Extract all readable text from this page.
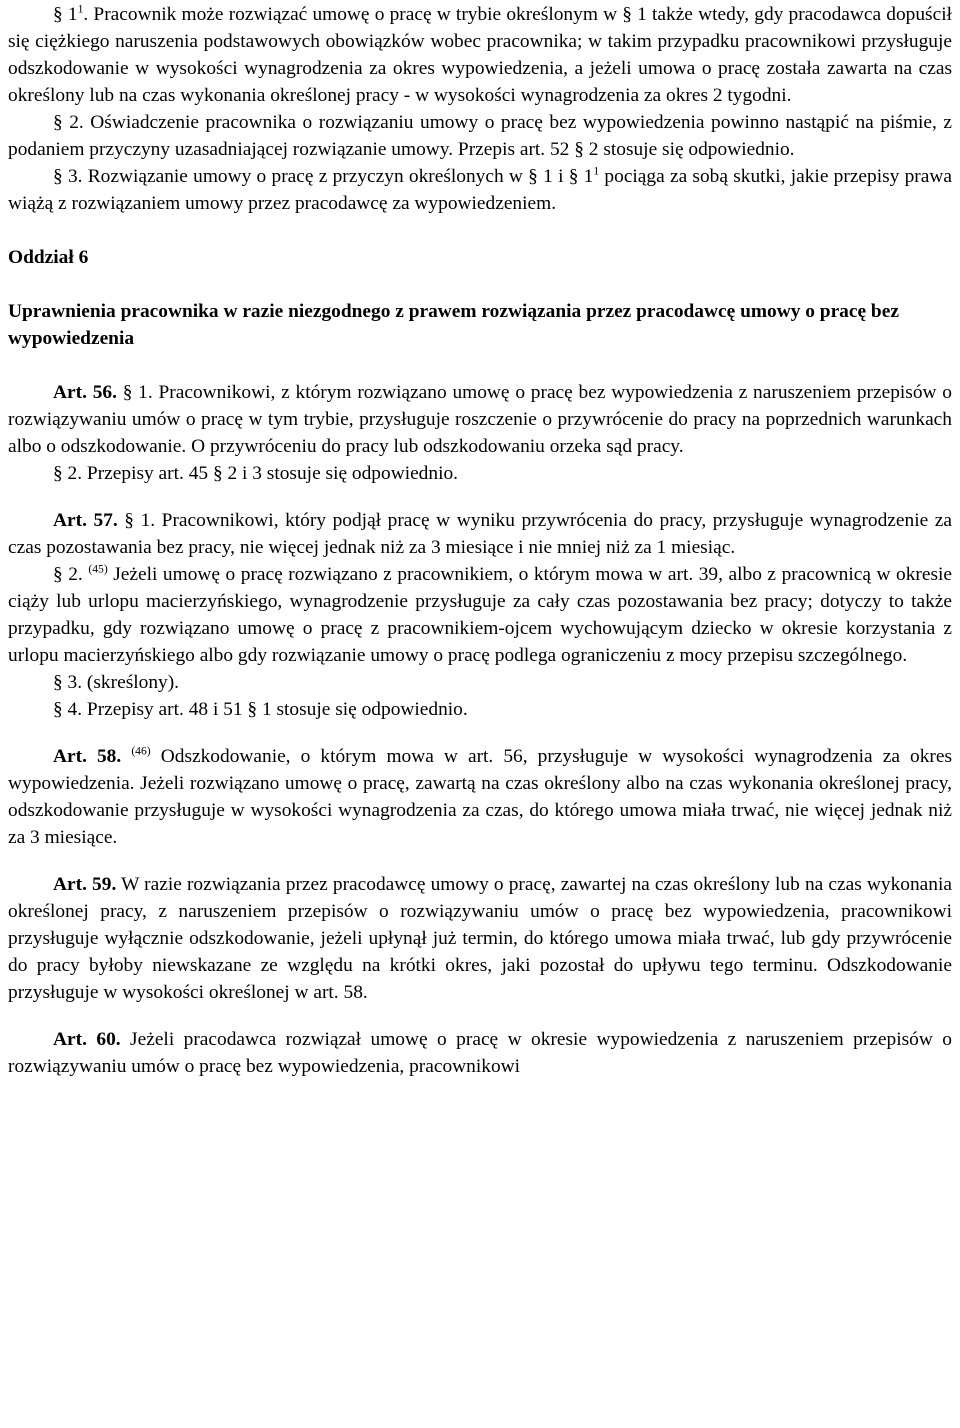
§ $1^1$. Pracownik może rozwiązać umowę o pracę w trybie określonym w § 1 także wtedy, gdy pracodawca dopuścił się ciężkiego naruszenia podstawowych obowiązków wobec pracownika; w takim przypadku pracownikowi przysługuje odszkodowanie w wysokości wynagrodzenia za okres wypowiedzenia, a jeżeli umowa o pracę została zawarta na czas określony lub na czas wykonania określonej pracy - w wysokości wynagrodzenia za okres 2 tygodni.

§ 2. Oświadczenie pracownika o rozwiązaniu umowy o pracę bez wypowiedzenia powinno nastąpić na piśmie, z podaniem przyczyny uzasadniającej rozwiązanie umowy. Przepis art. 52 § 2 stosuje się odpowiednio.

§ 3. Rozwiązanie umowy o pracę z przyczyn określonych w § 1 i § $1^1$ pociąga za sobą skutki, jakie przepisy prawa wiążą z rozwiązaniem umowy przez pracodawcę za wypowiedzeniem.

Oddział 6

Uprawnienia pracownika w razie niezgodnego z prawem rozwiązania przez pracodawcę umowy o pracę bez wypowiedzenia

Art. 56. § 1. Pracownikowi, z którym rozwiązano umowę o pracę bez wypowiedzenia z naruszeniem przepisów o rozwiązywaniu umów o pracę w tym trybie, przysługuje roszczenie o przywrócenie do pracy na poprzednich warunkach albo o odszkodowanie. O przywróceniu do pracy lub odszkodowaniu orzeka sąd pracy.

§ 2. Przepisy art. 45 § 2 i 3 stosuje się odpowiednio.

Art. 57. § 1. Pracownikowi, który podjął pracę w wyniku przywrócenia do pracy, przysługuje wynagrodzenie za czas pozostawania bez pracy, nie więcej jednak niż za 3 miesiące i nie mniej niż za 1 miesiąc.

§ 2. $^{(45)}$ Jeżeli umowę o pracę rozwiązano z pracownikiem, o którym mowa w art. 39, albo z pracownicą w okresie ciąży lub urlopu macierzyńskiego, wynagrodzenie przysługuje za cały czas pozostawania bez pracy; dotyczy to także przypadku, gdy rozwiązano umowę o pracę z pracownikiem-ojcem wychowującym dziecko w okresie korzystania z urlopu macierzyńskiego albo gdy rozwiązanie umowy o pracę podlega ograniczeniu z mocy przepisu szczególnego.

§ 3. (skreślony).

§ 4. Przepisy art. 48 i 51 § 1 stosuje się odpowiednio.

Art. 58. $^{(46)}$ Odszkodowanie, o którym mowa w art. 56, przysługuje w wysokości wynagrodzenia za okres wypowiedzenia. Jeżeli rozwiązano umowę o pracę, zawartą na czas określony albo na czas wykonania określonej pracy, odszkodowanie przysługuje w wysokości wynagrodzenia za czas, do którego umowa miała trwać, nie więcej jednak niż za 3 miesiące.

Art. 59. W razie rozwiązania przez pracodawcę umowy o pracę, zawartej na czas określony lub na czas wykonania określonej pracy, z naruszeniem przepisów o rozwiązywaniu umów o pracę bez wypowiedzenia, pracownikowi przysługuje wyłącznie odszkodowanie, jeżeli upłynął już termin, do którego umowa miała trwać, lub gdy przywrócenie do pracy byłoby niewskazane ze względu na krótki okres, jaki pozostał do upływu tego terminu. Odszkodowanie przysługuje w wysokości określonej w art. 58.

Art. 60. Jeżeli pracodawca rozwiązał umowę o pracę w okresie wypowiedzenia z naruszeniem przepisów o rozwiązywaniu umów o pracę bez wypowiedzenia, pracownikowi
